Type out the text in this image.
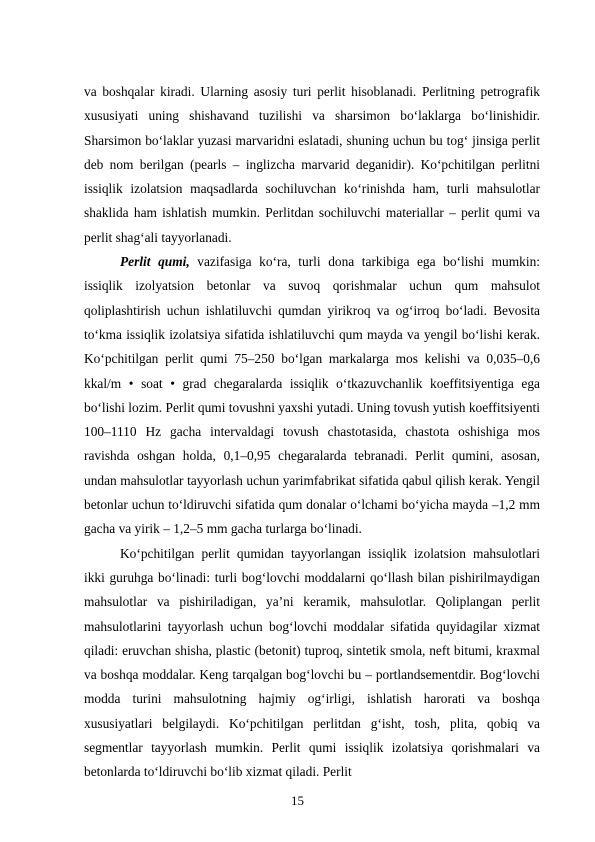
va boshqalar kiradi. Ularning asosiy turi perlit hisoblanadi. Perlitning petrografik xususiyati uning shishavand tuzilishi va sharsimon boʻlaklarga boʻlinishidir. Sharsimon boʻlaklar yuzasi marvaridni eslatadi, shuning uchun bu togʻ jinsiga perlit deb nom berilgan (pearls – inglizcha marvarid deganidir). Koʻpchitilgan perlitni issiqlik izolatsion maqsadlarda sochiluvchan koʻrinishda ham, turli mahsulotlar shaklida ham ishlatish mumkin. Perlitdan sochiluvchi materiallar – perlit qumi va perlit shagʻali tayyorlanadi.

Perlit qumi, vazifasiga koʻra, turli dona tarkibiga ega boʻlishi mumkin: issiqlik izolyatsion betonlar va suvoq qorishmalar uchun qum mahsulot qoliplashtirish uchun ishlatiluvchi qumdan yirikroq va ogʻirroq boʻladi. Bevosita toʻkma issiqlik izolatsiya sifatida ishlatiluvchi qum mayda va yengil boʻlishi kerak. Koʻpchitilgan perlit qumi 75–250 boʻlgan markalarga mos kelishi va 0,035–0,6 kkal/m • soat • grad chegaralarda issiqlik oʻtkazuvchanlik koeffitsiyentiga ega boʻlishi lozim. Perlit qumi tovushni yaxshi yutadi. Uning tovush yutish koeffitsiyenti 100–1110 Hz gacha intervaldagi tovush chastotasida, chastota oshishiga mos ravishda oshgan holda, 0,1–0,95 chegaralarda tebranadi. Perlit qumini, asosan, undan mahsulotlar tayyorlash uchun yarimfabrikat sifatida qabul qilish kerak. Yengil betonlar uchun toʻldiruvchi sifatida qum donalar oʻlchami boʻyicha mayda –1,2 mm gacha va yirik – 1,2–5 mm gacha turlarga boʻlinadi.

Koʻpchitilgan perlit qumidan tayyorlangan issiqlik izolatsion mahsulotlari ikki guruhga boʻlinadi: turli bogʻlovchi moddalarni qoʻllash bilan pishirilmaydigan mahsulotlar va pishiriladigan, ya’ni keramik, mahsulotlar. Qoliplangan perlit mahsulotlarini tayyorlash uchun bogʻlovchi moddalar sifatida quyidagilar xizmat qiladi: eruvchan shisha, plastic (betonit) tuproq, sintetik smola, neft bitumi, kraxmal va boshqa moddalar. Keng tarqalgan bogʻlovchi bu – portlandsementdir. Bogʻlovchi modda turini mahsulotning hajmiy ogʻirligi, ishlatish harorati va boshqa xususiyatlari belgilaydi. Koʻpchitilgan perlitdan gʻisht, tosh, plita, qobiq va segmentlar tayyorlash mumkin. Perlit qumi issiqlik izolatsiya qorishmalari va betonlarda toʻldiruvchi boʻlib xizmat qiladi. Perlit

15
